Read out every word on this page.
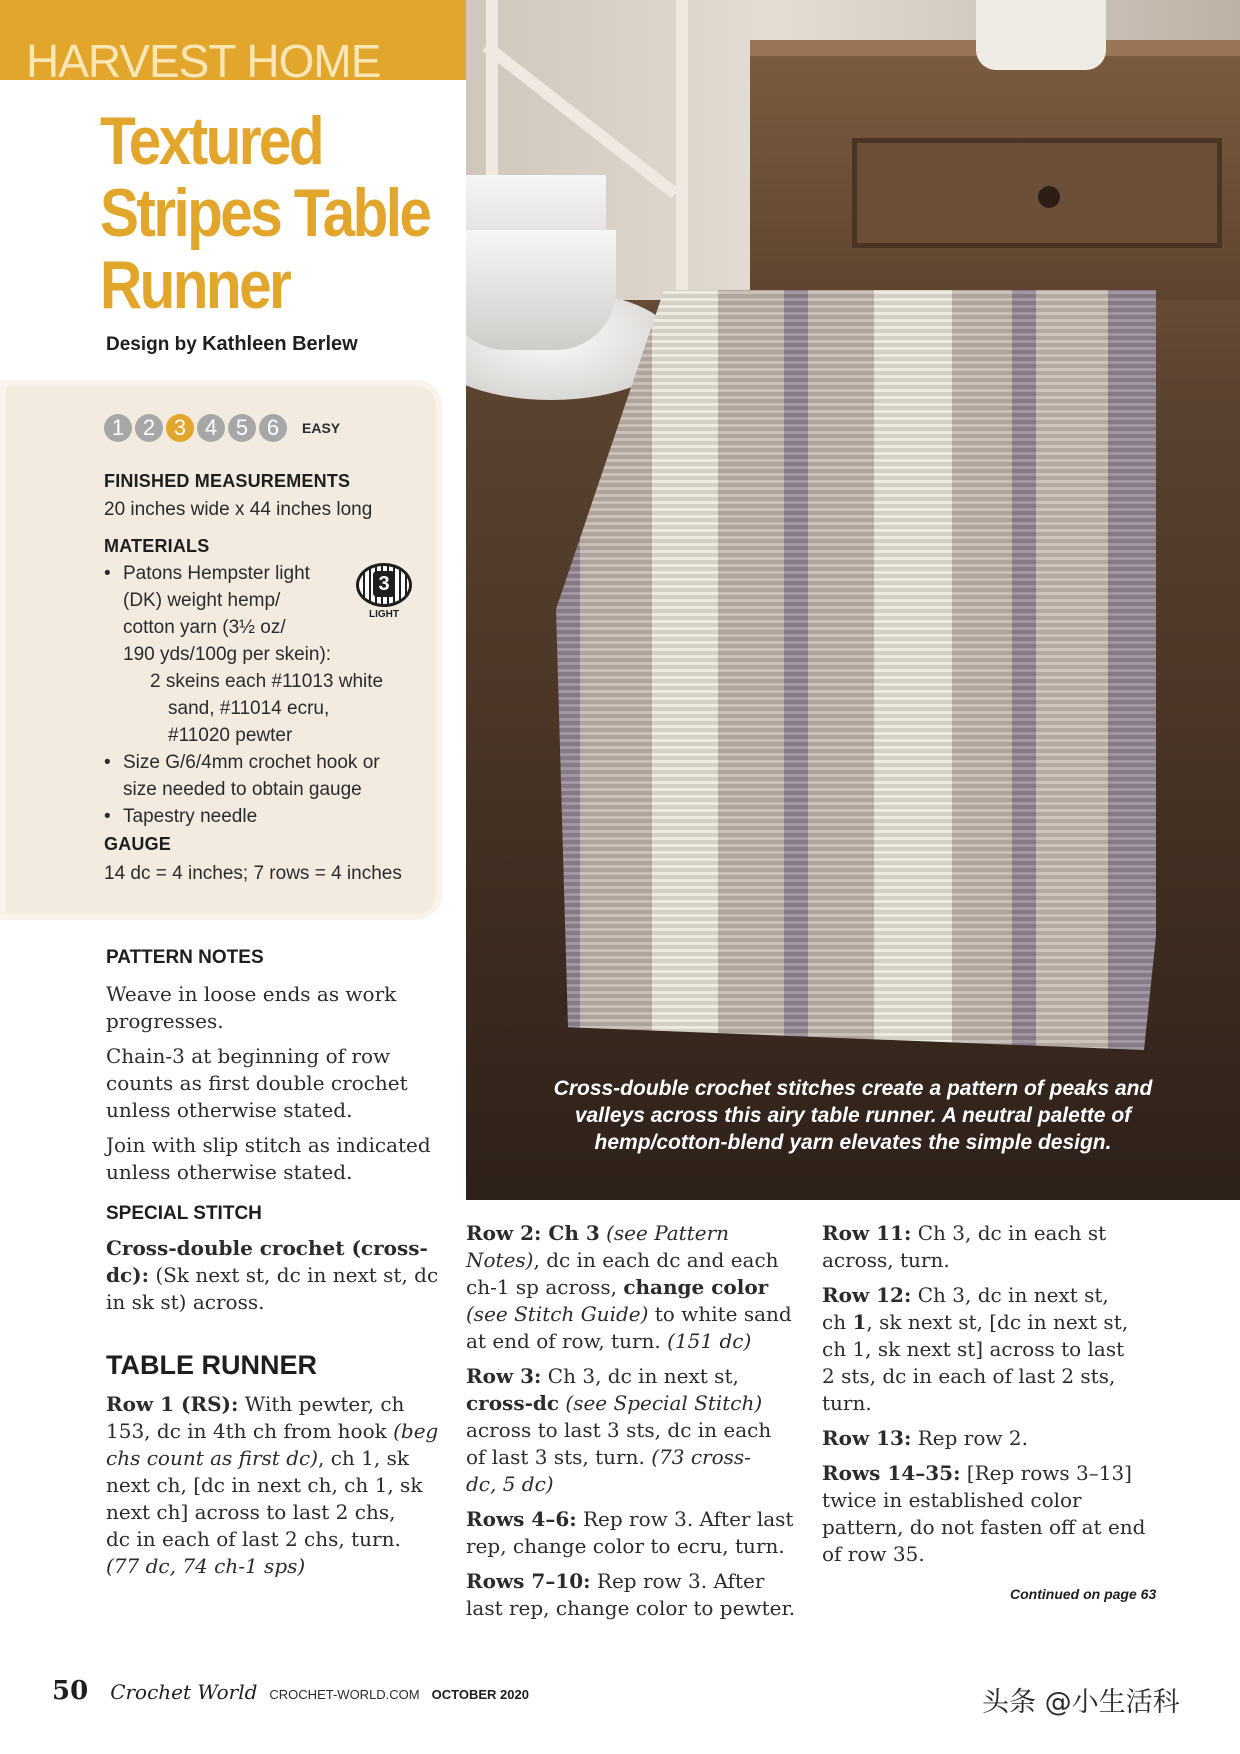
HARVEST HOME
Textured
Stripes Table
Runner
Design by Kathleen Berlew
1 2 3 4 5 6	EASY
FINISHED MEASUREMENTS
20 inches wide x 44 inches long
MATERIALS
• Patons Hempster light
(DK) weight hemp/
cotton yarn (3½ oz/
190 yds/100g per skein):
2 skeins each #11013 white
sand, #11014 ecru,
#11020 pewter
• Size G/6/4mm crochet hook or
size needed to obtain gauge
• Tapestry needle
3
LIGHT
GAUGE
14 dc = 4 inches; 7 rows = 4 inches
Cross-double crochet stitches create a pattern of peaks and
valleys across this airy table runner. A neutral palette of
hemp/cotton-blend yarn elevates the simple design.
PATTERN NOTES
Weave in loose ends as work
progresses.
Chain-3 at beginning of row
counts as first double crochet
unless otherwise stated.
Join with slip stitch as indicated
unless otherwise stated.
SPECIAL STITCH
Cross-double crochet (cross-
dc): (Sk next st, dc in next st, dc
in sk st) across.
TABLE RUNNER
Row 1 (RS): With pewter, ch
153, dc in 4th ch from hook (beg
chs count as first dc), ch 1, sk
next ch, [dc in next ch, ch 1, sk
next ch] across to last 2 chs,
dc in each of last 2 chs, turn.
(77 dc, 74 ch-1 sps)
Row 2: Ch 3 (see Pattern
Notes), dc in each dc and each
ch-1 sp across, change color
(see Stitch Guide) to white sand
at end of row, turn. (151 dc)
Row 3: Ch 3, dc in next st,
cross-dc (see Special Stitch)
across to last 3 sts, dc in each
of last 3 sts, turn. (73 cross-
dc, 5 dc)
Rows 4–6: Rep row 3. After last
rep, change color to ecru, turn.
Rows 7–10: Rep row 3. After
last rep, change color to pewter.
Row 11: Ch 3, dc in each st
across, turn.
Row 12: Ch 3, dc in next st,
ch 1, sk next st, [dc in next st,
ch 1, sk next st] across to last
2 sts, dc in each of last 2 sts,
turn.
Row 13: Rep row 2.
Rows 14–35: [Rep rows 3–13]
twice in established color
pattern, do not fasten off at end
of row 35.
Continued on page 63
50 Crochet World CROCHET-WORLD.COM OCTOBER 2020	头条 @小生活科
